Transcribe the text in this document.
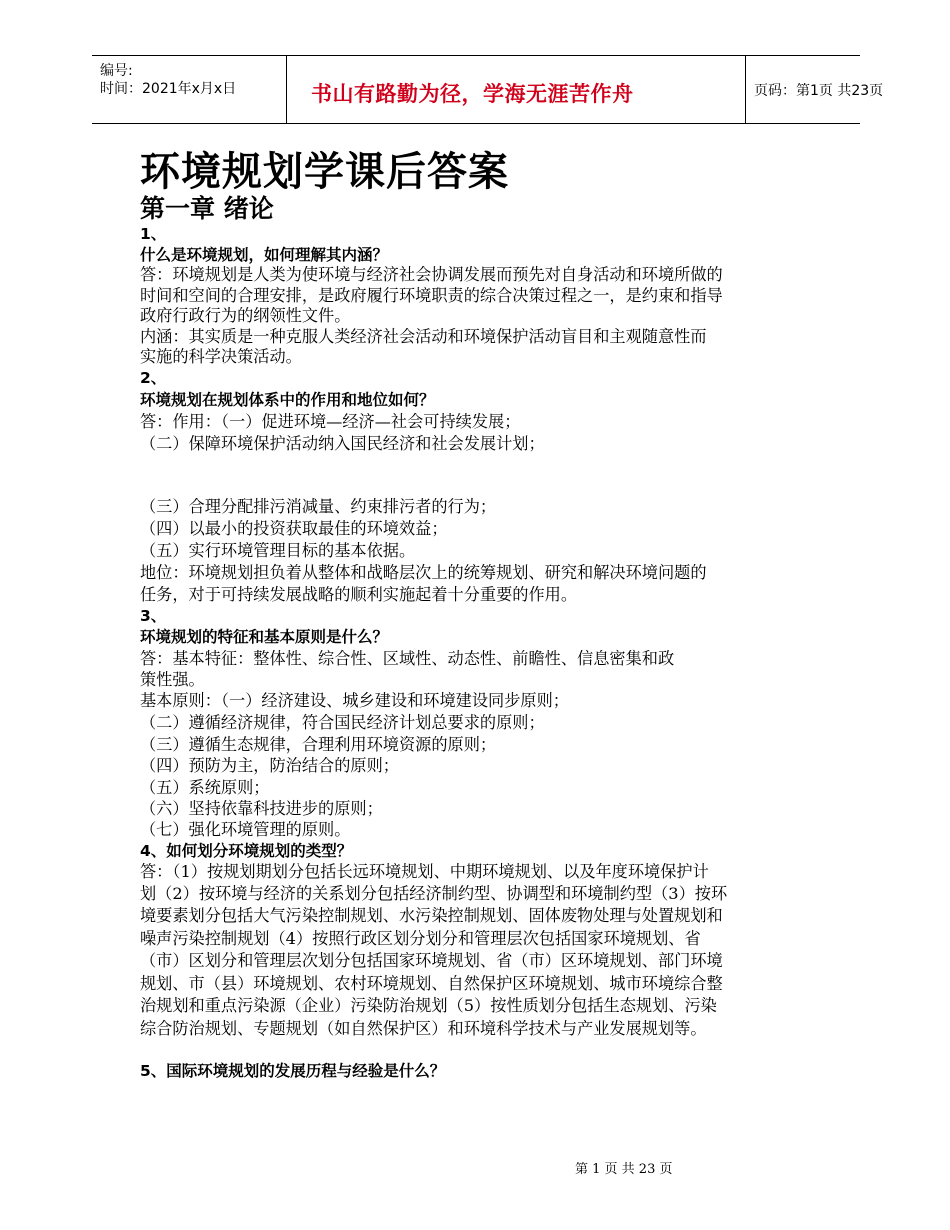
编号:
时间：2021年x月x日	书山有路勤为径，学海无涯苦作舟	页码：第1页 共23页
环境规划学课后答案
第一章 绪论
1、
什么是环境规划，如何理解其内涵？
答：环境规划是人类为使环境与经济社会协调发展而预先对自身活动和环境所做的
时间和空间的合理安排，是政府履行环境职责的综合决策过程之一，是约束和指导
政府行政行为的纲领性文件。
内涵：其实质是一种克服人类经济社会活动和环境保护活动盲目和主观随意性而
实施的科学决策活动。
2、
环境规划在规划体系中的作用和地位如何？
答：作用：（一）促进环境—经济—社会可持续发展；
（二）保障环境保护活动纳入国民经济和社会发展计划；
（三）合理分配排污消减量、约束排污者的行为；
（四）以最小的投资获取最佳的环境效益；
（五）实行环境管理目标的基本依据。
地位：环境规划担负着从整体和战略层次上的统筹规划、研究和解决环境问题的
任务，对于可持续发展战略的顺利实施起着十分重要的作用。
3、
环境规划的特征和基本原则是什么？
答：基本特征：整体性、综合性、区域性、动态性、前瞻性、信息密集和政
策性强。
基本原则：（一）经济建设、城乡建设和环境建设同步原则；
（二）遵循经济规律，符合国民经济计划总要求的原则；
（三）遵循生态规律，合理利用环境资源的原则；
（四）预防为主，防治结合的原则；
（五）系统原则；
（六）坚持依靠科技进步的原则；
（七）强化环境管理的原则。
4、如何划分环境规划的类型？
答：（1）按规划期划分包括长远环境规划、中期环境规划、以及年度环境保护计
划（2）按环境与经济的关系划分包括经济制约型、协调型和环境制约型（3）按环
境要素划分包括大气污染控制规划、水污染控制规划、固体废物处理与处置规划和
噪声污染控制规划（4）按照行政区划分划分和管理层次包括国家环境规划、省
（市）区划分和管理层次划分包括国家环境规划、省（市）区环境规划、部门环境
规划、市（县）环境规划、农村环境规划、自然保护区环境规划、城市环境综合整
治规划和重点污染源（企业）污染防治规划（5）按性质划分包括生态规划、污染
综合防治规划、专题规划（如自然保护区）和环境科学技术与产业发展规划等。
5、国际环境规划的发展历程与经验是什么？
第 1 页 共 23 页
